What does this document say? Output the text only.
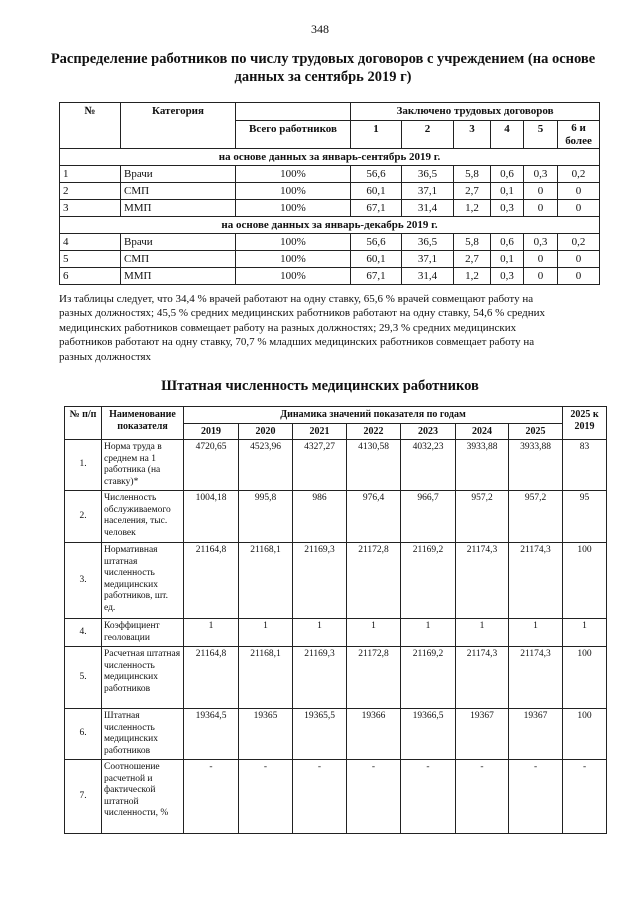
348
Распределение работников по числу трудовых договоров с учреждением (на основе данных за сентябрь 2019 г)
№	Категория		Заключено трудовых договоров					
		Всего работников	1	2	3	4	5	6 и более
на основе данных за январь-сентябрь 2019 г.								
1	Врачи	100%	56,6	36,5	5,8	0,6	0,3	0,2
2	СМП	100%	60,1	37,1	2,7	0,1	0	0
3	ММП	100%	67,1	31,4	1,2	0,3	0	0
на основе данных за январь-декабрь 2019 г.								
4	Врачи	100%	56,6	36,5	5,8	0,6	0,3	0,2
5	СМП	100%	60,1	37,1	2,7	0,1	0	0
6	ММП	100%	67,1	31,4	1,2	0,3	0	0
Из таблицы следует, что 34,4 % врачей работают на одну ставку, 65,6 % врачей совмещают работу на
разных должностях; 45,5 % средних медицинских работников работают на одну ставку, 54,6 % средних
медицинских работников совмещает работу на разных должностях; 29,3 % средних медицинских
работников работают на одну ставку, 70,7 % младших медицинских работников совмещает работу на
разных должностях
Штатная численность медицинских работников
№ п/п	Наименование показателя	Динамика значений показателя по годам							2025 к 2019
		2019	2020	2021	2022	2023	2024	2025	
1.	Норма труда в среднем на 1 работника (на ставку)*	4720,65	4523,96	4327,27	4130,58	4032,23	3933,88	3933,88	83
2.	Численность обслуживаемого населения, тыс. человек	1004,18	995,8	986	976,4	966,7	957,2	957,2	95
3.	Нормативная штатная численность медицинских работников, шт. ед.	21164,8	21168,1	21169,3	21172,8	21169,2	21174,3	21174,3	100
4.	Коэффициент геоловации	1	1	1	1	1	1	1	1
5.	Расчетная штатная численность медицинских работников	21164,8	21168,1	21169,3	21172,8	21169,2	21174,3	21174,3	100
6.	Штатная численность медицинских работников	19364,5	19365	19365,5	19366	19366,5	19367	19367	100
7.	Соотношение расчетной и фактической штатной численности, %	-	-	-	-	-	-	-	-
